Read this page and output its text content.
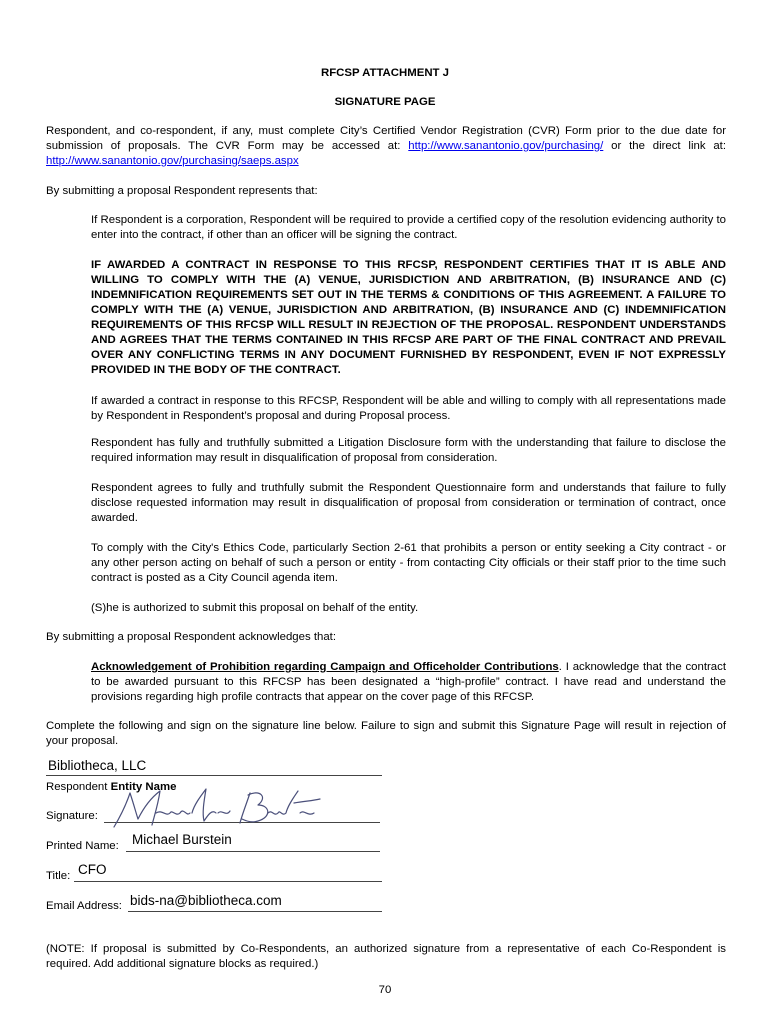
RFCSP ATTACHMENT J
SIGNATURE PAGE
Respondent, and co-respondent, if any, must complete City’s Certified Vendor Registration (CVR) Form prior to the due date for submission of proposals. The CVR Form may be accessed at: http://www.sanantonio.gov/purchasing/ or the direct link at: http://www.sanantonio.gov/purchasing/saeps.aspx
By submitting a proposal Respondent represents that:
If Respondent is a corporation, Respondent will be required to provide a certified copy of the resolution evidencing authority to enter into the contract, if other than an officer will be signing the contract.
IF AWARDED A CONTRACT IN RESPONSE TO THIS RFCSP, RESPONDENT CERTIFIES THAT IT IS ABLE AND WILLING TO COMPLY WITH THE (A) VENUE, JURISDICTION AND ARBITRATION, (B) INSURANCE AND (C) INDEMNIFICATION REQUIREMENTS SET OUT IN THE TERMS & CONDITIONS OF THIS AGREEMENT. A FAILURE TO COMPLY WITH THE (A) VENUE, JURISDICTION AND ARBITRATION, (B) INSURANCE AND (C) INDEMNIFICATION REQUIREMENTS OF THIS RFCSP WILL RESULT IN REJECTION OF THE PROPOSAL. RESPONDENT UNDERSTANDS AND AGREES THAT THE TERMS CONTAINED IN THIS RFCSP ARE PART OF THE FINAL CONTRACT AND PREVAIL OVER ANY CONFLICTING TERMS IN ANY DOCUMENT FURNISHED BY RESPONDENT, EVEN IF NOT EXPRESSLY PROVIDED IN THE BODY OF THE CONTRACT.
If awarded a contract in response to this RFCSP, Respondent will be able and willing to comply with all representations made by Respondent in Respondent’s proposal and during Proposal process.
Respondent has fully and truthfully submitted a Litigation Disclosure form with the understanding that failure to disclose the required information may result in disqualification of proposal from consideration.
Respondent agrees to fully and truthfully submit the Respondent Questionnaire form and understands that failure to fully disclose requested information may result in disqualification of proposal from consideration or termination of contract, once awarded.
To comply with the City's Ethics Code, particularly Section 2-61 that prohibits a person or entity seeking a City contract - or any other person acting on behalf of such a person or entity - from contacting City officials or their staff prior to the time such contract is posted as a City Council agenda item.
(S)he is authorized to submit this proposal on behalf of the entity.
By submitting a proposal Respondent acknowledges that:
Acknowledgement of Prohibition regarding Campaign and Officeholder Contributions. I acknowledge that the contract to be awarded pursuant to this RFCSP has been designated a “high-profile” contract. I have read and understand the provisions regarding high profile contracts that appear on the cover page of this RFCSP.
Complete the following and sign on the signature line below. Failure to sign and submit this Signature Page will result in rejection of your proposal.
Bibliotheca, LLC
Respondent Entity Name
Signature:
Printed Name: Michael Burstein
Title: CFO
Email Address: bids-na@bibliotheca.com
(NOTE: If proposal is submitted by Co-Respondents, an authorized signature from a representative of each Co-Respondent is required. Add additional signature blocks as required.)
70
